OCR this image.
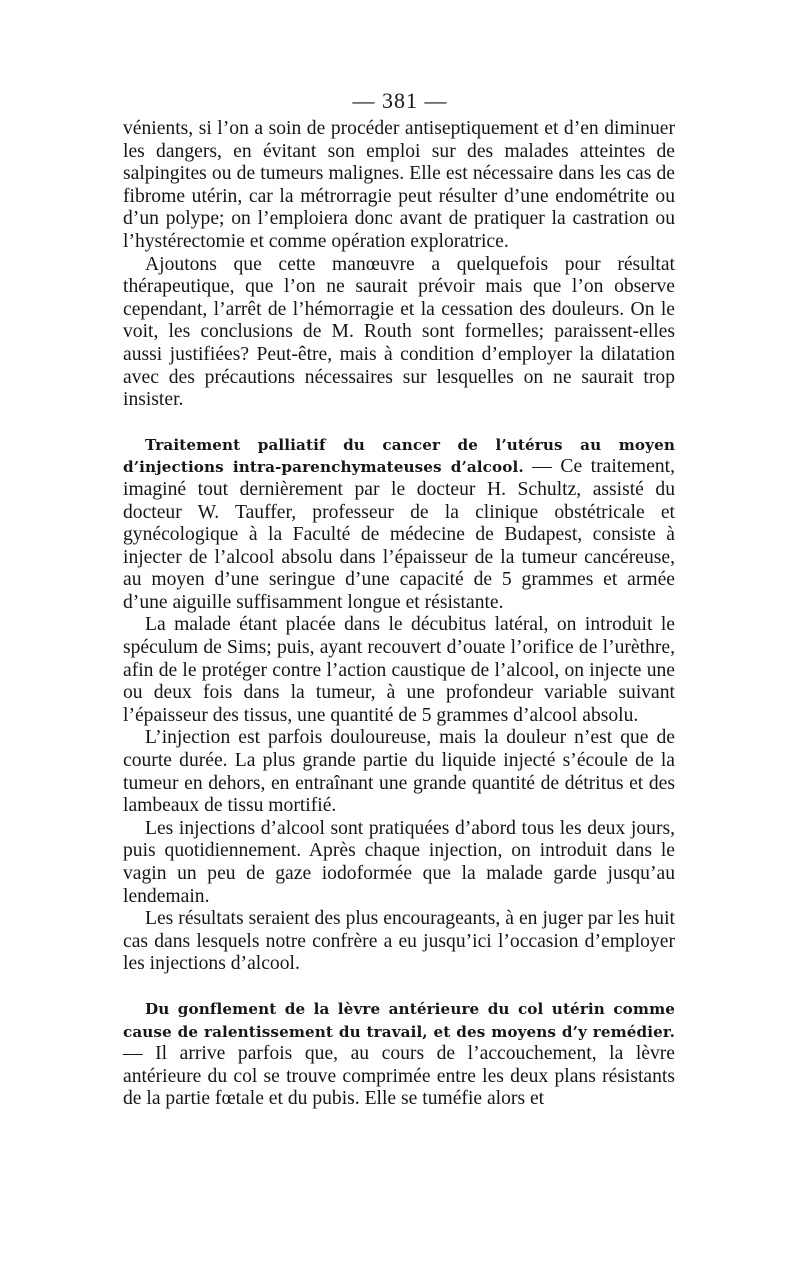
— 381 —

vénients, si l’on a soin de procéder antiseptiquement et d’en diminuer les dangers, en évitant son emploi sur des malades atteintes de salpingites ou de tumeurs malignes. Elle est nécessaire dans les cas de fibrome utérin, car la métrorragie peut résulter d’une endométrite ou d’un polype; on l’emploiera donc avant de pratiquer la castration ou l’hystérectomie et comme opération exploratrice.

Ajoutons que cette manœuvre a quelquefois pour résultat thérapeutique, que l’on ne saurait prévoir mais que l’on observe cependant, l’arrêt de l’hémorragie et la cessation des douleurs. On le voit, les conclusions de M. Routh sont formelles; paraissent-elles aussi justifiées? Peut-être, mais à condition d’employer la dilatation avec des précautions nécessaires sur lesquelles on ne saurait trop insister.

Traitement palliatif du cancer de l’utérus au moyen d’injections intra-parenchymateuses d’alcool. — Ce traitement, imaginé tout dernièrement par le docteur H. Schultz, assisté du docteur W. Tauffer, professeur de la clinique obstétricale et gynécologique à la Faculté de médecine de Budapest, consiste à injecter de l’alcool absolu dans l’épaisseur de la tumeur cancéreuse, au moyen d’une seringue d’une capacité de 5 grammes et armée d’une aiguille suffisamment longue et résistante.

La malade étant placée dans le décubitus latéral, on introduit le spéculum de Sims; puis, ayant recouvert d’ouate l’orifice de l’urèthre, afin de le protéger contre l’action caustique de l’alcool, on injecte une ou deux fois dans la tumeur, à une profondeur variable suivant l’épaisseur des tissus, une quantité de 5 grammes d’alcool absolu.

L’injection est parfois douloureuse, mais la douleur n’est que de courte durée. La plus grande partie du liquide injecté s’écoule de la tumeur en dehors, en entraînant une grande quantité de détritus et des lambeaux de tissu mortifié.

Les injections d’alcool sont pratiquées d’abord tous les deux jours, puis quotidiennement. Après chaque injection, on introduit dans le vagin un peu de gaze iodoformée que la malade garde jusqu’au lendemain.

Les résultats seraient des plus encourageants, à en juger par les huit cas dans lesquels notre confrère a eu jusqu’ici l’occasion d’employer les injections d’alcool.

Du gonflement de la lèvre antérieure du col utérin comme cause de ralentissement du travail, et des moyens d’y remédier. — Il arrive parfois que, au cours de l’accouchement, la lèvre antérieure du col se trouve comprimée entre les deux plans résistants de la partie fœtale et du pubis. Elle se tuméfie alors et
